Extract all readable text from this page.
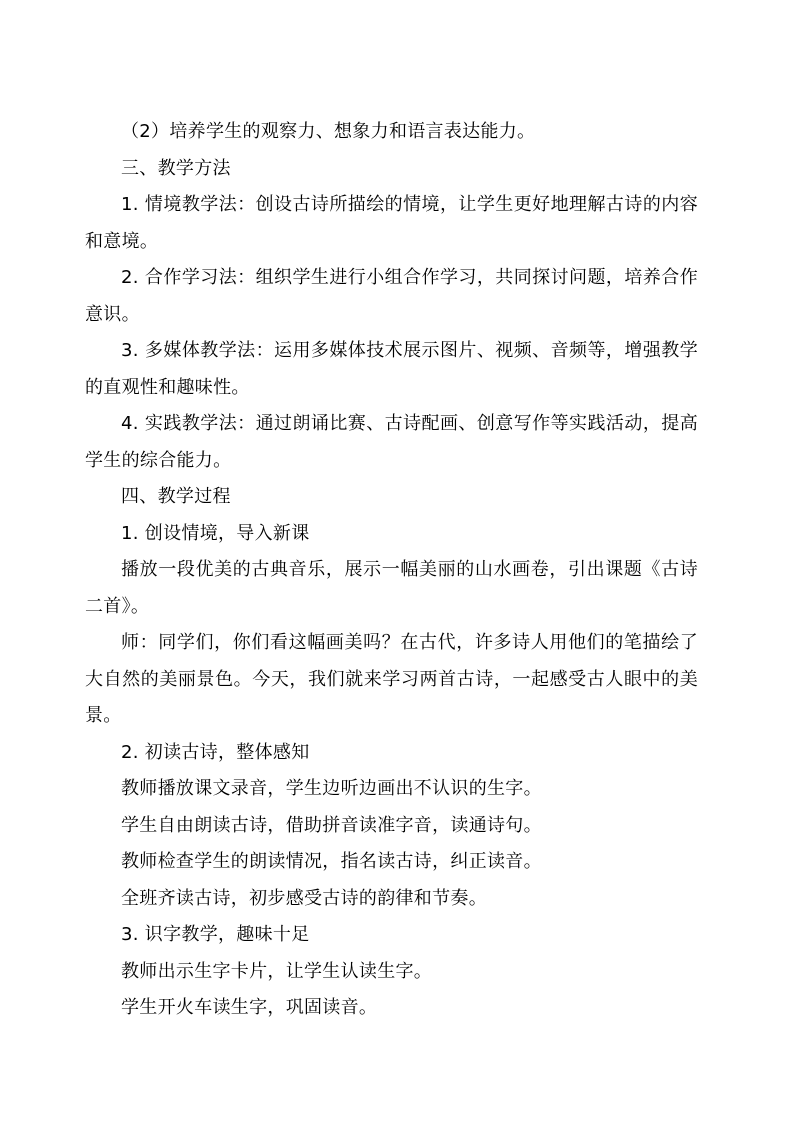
（2）培养学生的观察力、想象力和语言表达能力。

三、教学方法

1. 情境教学法：创设古诗所描绘的情境，让学生更好地理解古诗的内容和意境。

2. 合作学习法：组织学生进行小组合作学习，共同探讨问题，培养合作意识。

3. 多媒体教学法：运用多媒体技术展示图片、视频、音频等，增强教学的直观性和趣味性。

4. 实践教学法：通过朗诵比赛、古诗配画、创意写作等实践活动，提高学生的综合能力。

四、教学过程

1. 创设情境，导入新课

播放一段优美的古典音乐，展示一幅美丽的山水画卷，引出课题《古诗二首》。

师：同学们，你们看这幅画美吗？在古代，许多诗人用他们的笔描绘了大自然的美丽景色。今天，我们就来学习两首古诗，一起感受古人眼中的美景。

2. 初读古诗，整体感知

教师播放课文录音，学生边听边画出不认识的生字。

学生自由朗读古诗，借助拼音读准字音，读通诗句。

教师检查学生的朗读情况，指名读古诗，纠正读音。

全班齐读古诗，初步感受古诗的韵律和节奏。

3. 识字教学，趣味十足

教师出示生字卡片，让学生认读生字。

学生开火车读生字，巩固读音。
